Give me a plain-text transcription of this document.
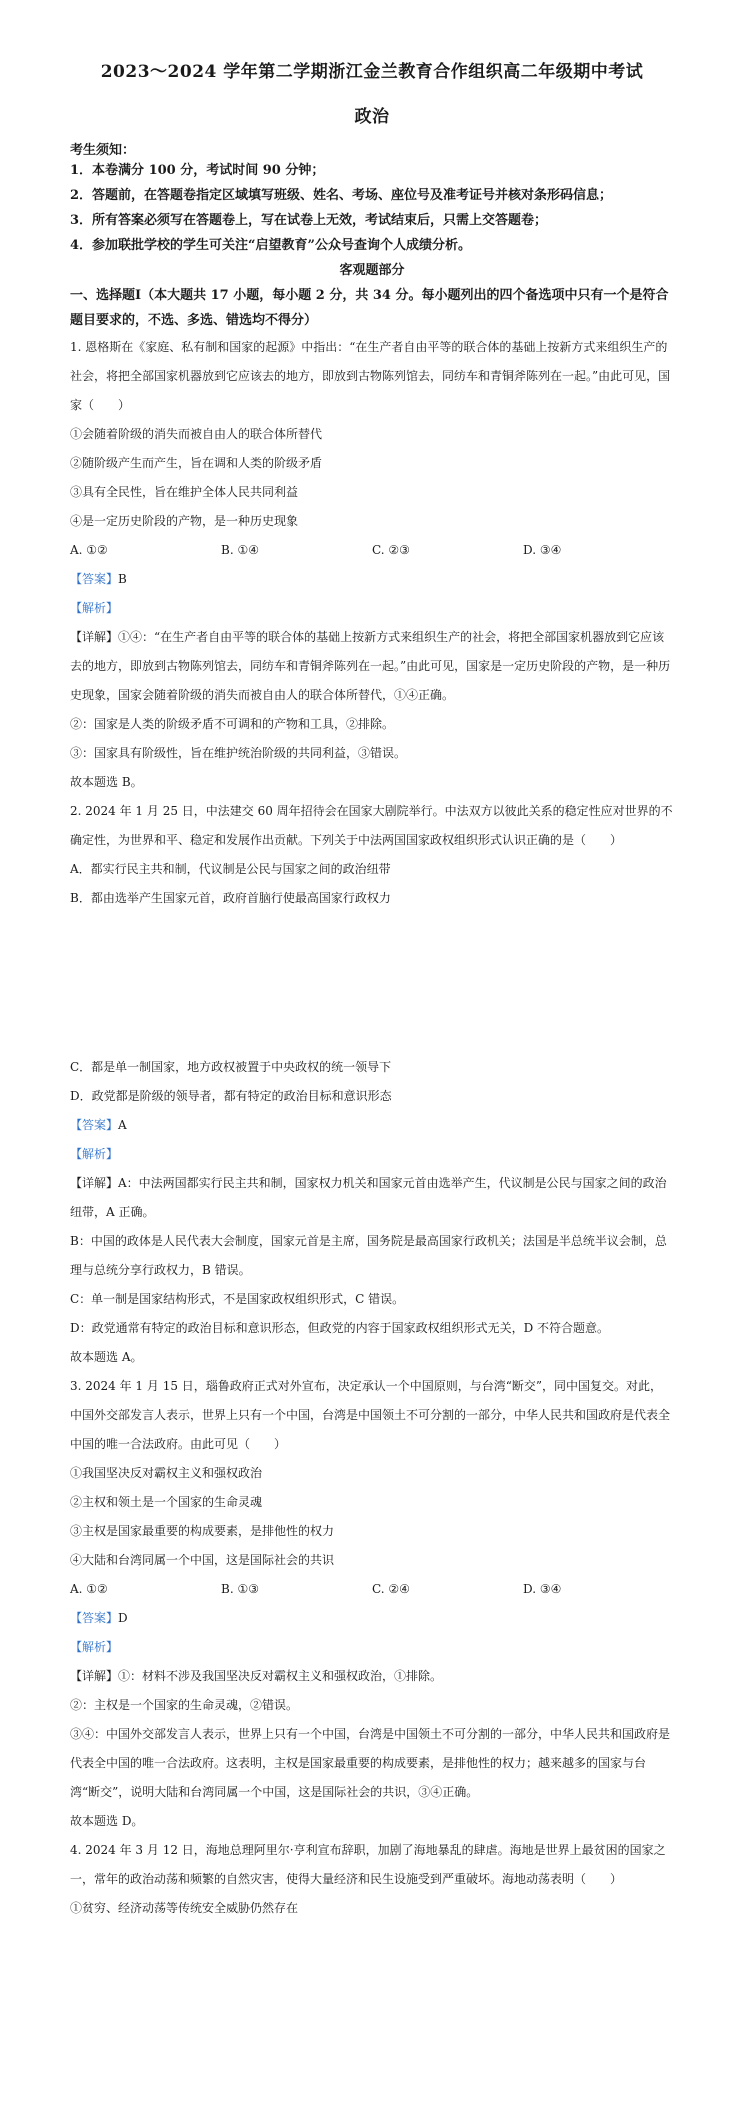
2023～2024 学年第二学期浙江金兰教育合作组织高二年级期中考试

政治

考生须知：

1．本卷满分 100 分，考试时间 90 分钟；

2．答题前，在答题卷指定区域填写班级、姓名、考场、座位号及准考证号并核对条形码信息；

3．所有答案必须写在答题卷上，写在试卷上无效，考试结束后，只需上交答题卷；

4．参加联批学校的学生可关注“启望教育”公众号查询个人成绩分析。

客观题部分

一、选择题Ⅰ（本大题共 17 小题，每小题 2 分，共 34 分。每小题列出的四个备选项中只有一个是符合题目要求的，不选、多选、错选均不得分）

1. 恩格斯在《家庭、私有制和国家的起源》中指出：“在生产者自由平等的联合体的基础上按新方式来组织生产的社会，将把全部国家机器放到它应该去的地方，即放到古物陈列馆去，同纺车和青铜斧陈列在一起。”由此可见，国家（　　）

①会随着阶级的消失而被自由人的联合体所替代

②随阶级产生而产生，旨在调和人类的阶级矛盾

③具有全民性，旨在维护全体人民共同利益

④是一定历史阶段的产物，是一种历史现象

A. ①②	B. ①④	C. ②③	D. ③④

【答案】B

【解析】

【详解】①④：“在生产者自由平等的联合体的基础上按新方式来组织生产的社会，将把全部国家机器放到它应该去的地方，即放到古物陈列馆去，同纺车和青铜斧陈列在一起。”由此可见，国家是一定历史阶段的产物，是一种历史现象，国家会随着阶级的消失而被自由人的联合体所替代，①④正确。

②：国家是人类的阶级矛盾不可调和的产物和工具，②排除。

③：国家具有阶级性，旨在维护统治阶级的共同利益，③错误。

故本题选 B。

2. 2024 年 1 月 25 日，中法建交 60 周年招待会在国家大剧院举行。中法双方以彼此关系的稳定性应对世界的不确定性，为世界和平、稳定和发展作出贡献。下列关于中法两国国家政权组织形式认识正确的是（　　）

A．都实行民主共和制，代议制是公民与国家之间的政治纽带

B．都由选举产生国家元首，政府首脑行使最高国家行政权力

C．都是单一制国家，地方政权被置于中央政权的统一领导下

D．政党都是阶级的领导者，都有特定的政治目标和意识形态

【答案】A

【解析】

【详解】A：中法两国都实行民主共和制，国家权力机关和国家元首由选举产生，代议制是公民与国家之间的政治纽带，A 正确。

B：中国的政体是人民代表大会制度，国家元首是主席，国务院是最高国家行政机关；法国是半总统半议会制，总理与总统分享行政权力，B 错误。

C：单一制是国家结构形式，不是国家政权组织形式，C 错误。

D：政党通常有特定的政治目标和意识形态，但政党的内容于国家政权组织形式无关，D 不符合题意。

故本题选 A。

3. 2024 年 1 月 15 日，瑙鲁政府正式对外宣布，决定承认一个中国原则，与台湾“断交”，同中国复交。对此，中国外交部发言人表示，世界上只有一个中国，台湾是中国领土不可分割的一部分，中华人民共和国政府是代表全中国的唯一合法政府。由此可见（　　）

①我国坚决反对霸权主义和强权政治

②主权和领土是一个国家的生命灵魂

③主权是国家最重要的构成要素，是排他性的权力

④大陆和台湾同属一个中国，这是国际社会的共识

A. ①②	B. ①③	C. ②④	D. ③④

【答案】D

【解析】

【详解】①：材料不涉及我国坚决反对霸权主义和强权政治，①排除。

②：主权是一个国家的生命灵魂，②错误。

③④：中国外交部发言人表示，世界上只有一个中国，台湾是中国领土不可分割的一部分，中华人民共和国政府是代表全中国的唯一合法政府。这表明，主权是国家最重要的构成要素，是排他性的权力；越来越多的国家与台湾“断交”，说明大陆和台湾同属一个中国，这是国际社会的共识，③④正确。

故本题选 D。

4. 2024 年 3 月 12 日，海地总理阿里尔·亨利宣布辞职，加剧了海地暴乱的肆虐。海地是世界上最贫困的国家之一，常年的政治动荡和频繁的自然灾害，使得大量经济和民生设施受到严重破坏。海地动荡表明（　　）

①贫穷、经济动荡等传统安全威胁仍然存在
